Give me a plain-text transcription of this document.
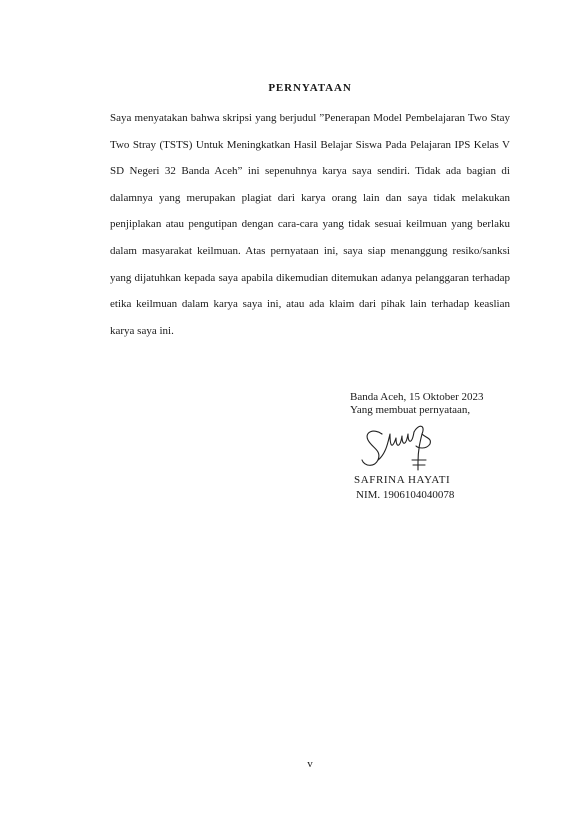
PERNYATAAN

Saya menyatakan bahwa skripsi yang berjudul ”Penerapan Model Pembelajaran Two Stay Two Stray (TSTS) Untuk Meningkatkan Hasil Belajar Siswa Pada Pelajaran IPS Kelas V SD Negeri 32 Banda Aceh” ini sepenuhnya karya saya sendiri. Tidak ada bagian di dalamnya yang merupakan plagiat dari karya orang lain dan saya tidak melakukan penjiplakan atau pengutipan dengan cara-cara yang tidak sesuai keilmuan yang berlaku dalam masyarakat keilmuan. Atas pernyataan ini, saya siap menanggung resiko/sanksi yang dijatuhkan kepada saya apabila dikemudian ditemukan adanya pelanggaran terhadap etika keilmuan dalam karya saya ini, atau ada klaim dari pihak lain terhadap keaslian karya saya ini.

Banda Aceh, 15 Oktober 2023
Yang membuat pernyataan,
SAFRINA HAYATI
NIM. 1906104040078
v
